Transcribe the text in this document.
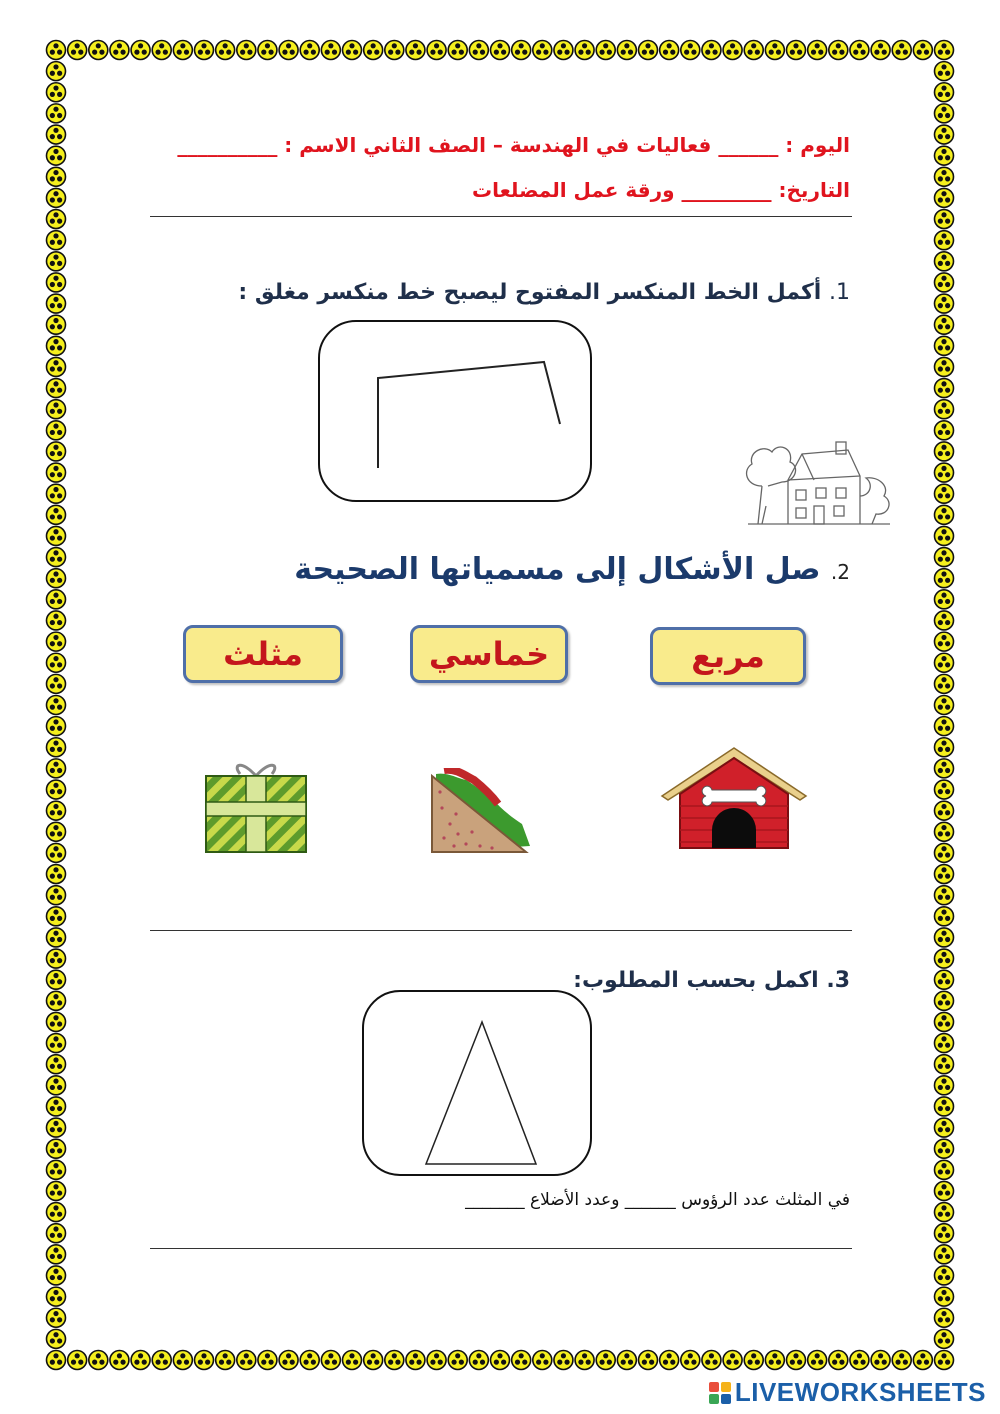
اليوم : ______ فعاليات في الهندسة – الصف الثاني الاسم : __________
التاريخ: _________ ورقة عمل المضلعات
1. أكمل الخط المنكسر المفتوح ليصبح خط منكسر مغلق :
2. صل الأشكال إلى مسمياتها الصحيحة
مربع
خماسي
مثلث
3. اكمل بحسب المطلوب:
في المثلث عدد الرؤوس ______ وعدد الأضلاع _______
LIVEWORKSHEETS
